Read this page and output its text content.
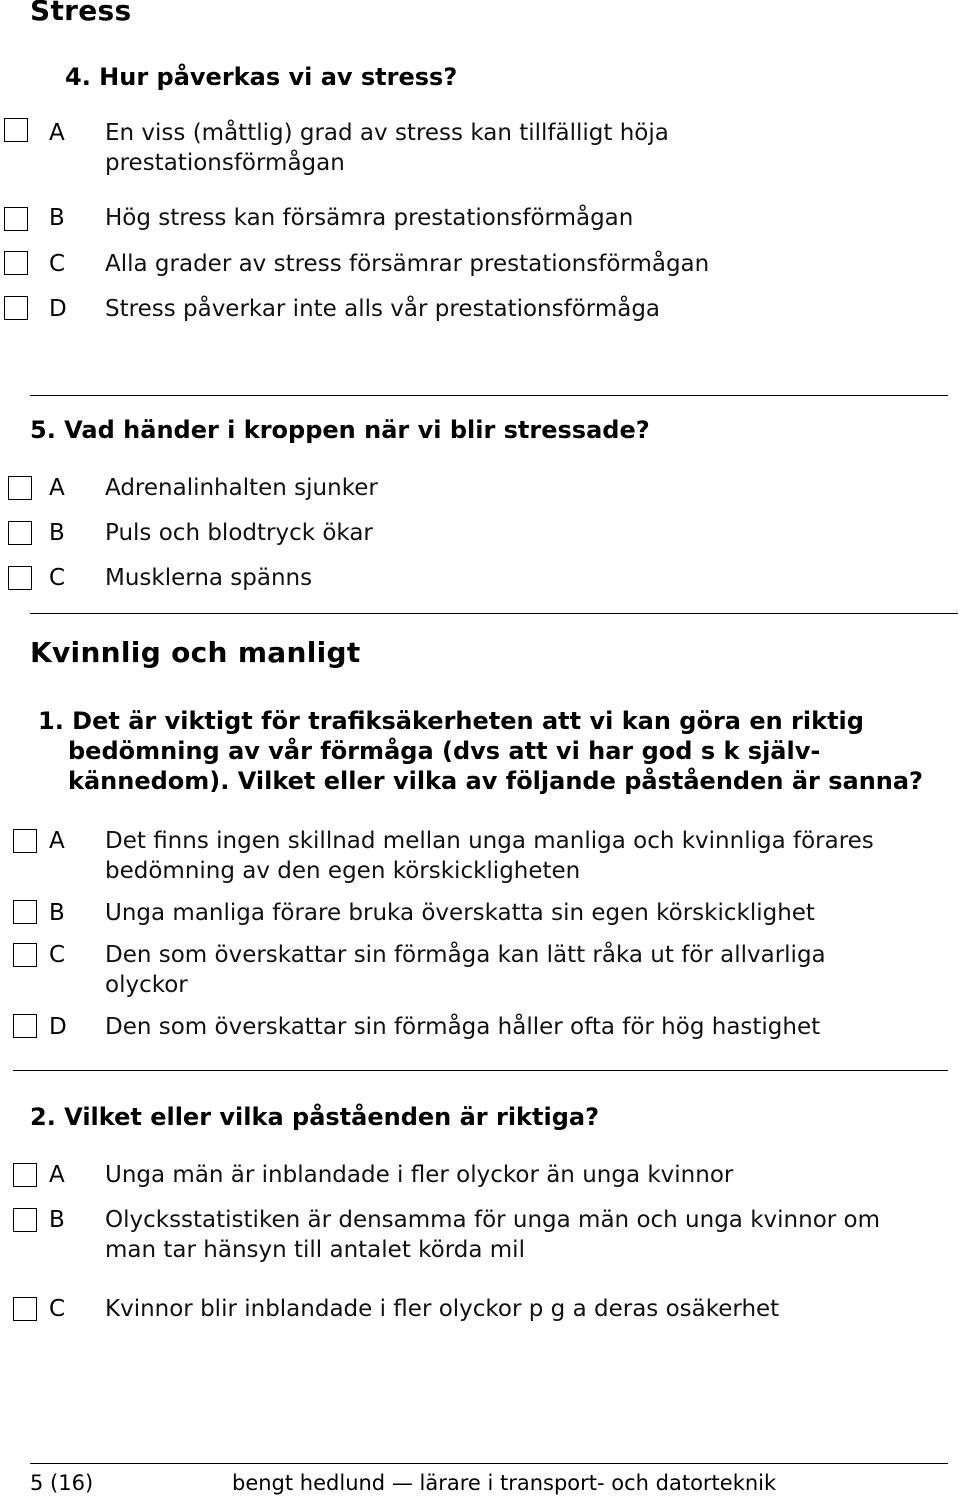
Stress
4. Hur påverkas vi av stress?
A En viss (måttlig) grad av stress kan tillfälligt höja
prestationsförmågan
B Hög stress kan försämra prestationsförmågan
C Alla grader av stress försämrar prestationsförmågan
D Stress påverkar inte alls vår prestationsförmåga
5. Vad händer i kroppen när vi blir stressade?
A Adrenalinhalten sjunker
B Puls och blodtryck ökar
C Musklerna spänns
Kvinnlig och manligt
1. Det är viktigt för trafiksäkerheten att vi kan göra en riktig
bedömning av vår förmåga (dvs att vi har god s k själv-
kännedom). Vilket eller vilka av följande påståenden är sanna?
A Det finns ingen skillnad mellan unga manliga och kvinnliga förares
bedömning av den egen körskickligheten
B Unga manliga förare bruka överskatta sin egen körskicklighet
C Den som överskattar sin förmåga kan lätt råka ut för allvarliga
olyckor
D Den som överskattar sin förmåga håller ofta för hög hastighet
2. Vilket eller vilka påståenden är riktiga?
A Unga män är inblandade i fler olyckor än unga kvinnor
B Olycksstatistiken är densamma för unga män och unga kvinnor om
man tar hänsyn till antalet körda mil
C Kvinnor blir inblandade i fler olyckor p g a deras osäkerhet
5 (16)	bengt hedlund — lärare i transport- och datorteknik
